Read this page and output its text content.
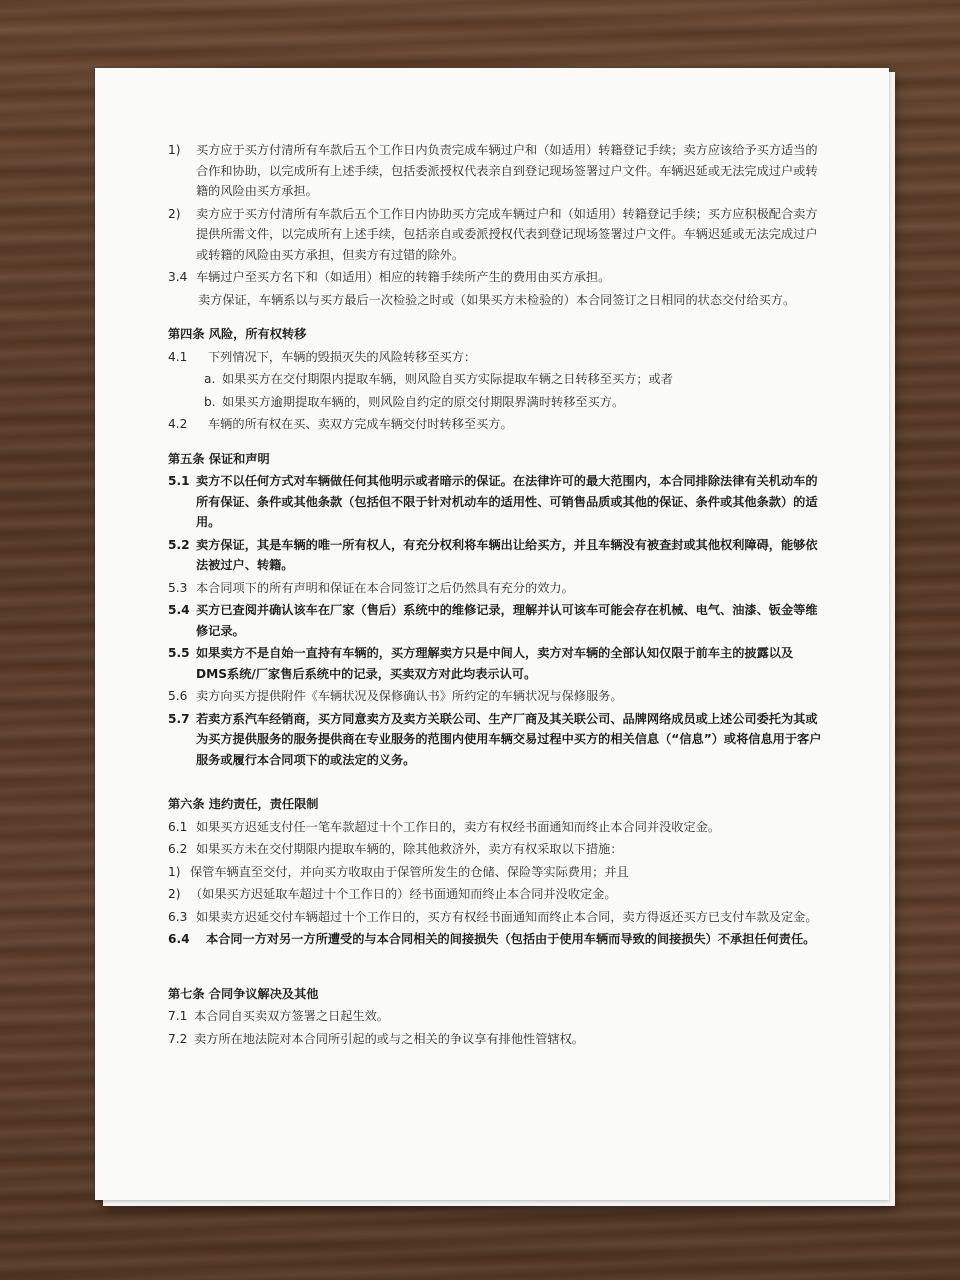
1)	买方应于买方付清所有车款后五个工作日内负责完成车辆过户和（如适用）转籍登记手续；卖方应该给予买方适当的合作和协助，以完成所有上述手续，包括委派授权代表亲自到登记现场签署过户文件。车辆迟延或无法完成过户或转籍的风险由买方承担。
2)	卖方应于买方付清所有车款后五个工作日内协助买方完成车辆过户和（如适用）转籍登记手续；买方应积极配合卖方提供所需文件，以完成所有上述手续，包括亲自或委派授权代表到登记现场签署过户文件。车辆迟延或无法完成过户或转籍的风险由买方承担，但卖方有过错的除外。
3.4 车辆过户至买方名下和（如适用）相应的转籍手续所产生的费用由买方承担。
卖方保证，车辆系以与买方最后一次检验之时或（如果买方未检验的）本合同签订之日相同的状态交付给买方。
第四条 风险，所有权转移
4.1	下列情况下，车辆的毁损灭失的风险转移至买方：
a. 如果买方在交付期限内提取车辆，则风险自买方实际提取车辆之日转移至买方；或者
b. 如果买方逾期提取车辆的，则风险自约定的原交付期限界满时转移至买方。
4.2	车辆的所有权在买、卖双方完成车辆交付时转移至买方。
第五条 保证和声明
5.1 卖方不以任何方式对车辆做任何其他明示或者暗示的保证。在法律许可的最大范围内，本合同排除法律有关机动车的所有保证、条件或其他条款（包括但不限于针对机动车的适用性、可销售品质或其他的保证、条件或其他条款）的适用。
5.2 卖方保证，其是车辆的唯一所有权人，有充分权利将车辆出让给买方，并且车辆没有被查封或其他权利障碍，能够依法被过户、转籍。
5.3 本合同项下的所有声明和保证在本合同签订之后仍然具有充分的效力。
5.4 买方已查阅并确认该车在厂家（售后）系统中的维修记录，理解并认可该车可能会存在机械、电气、油漆、钣金等维修记录。
5.5 如果卖方不是自始一直持有车辆的，买方理解卖方只是中间人，卖方对车辆的全部认知仅限于前车主的披露以及
DMS系统/厂家售后系统中的记录，买卖双方对此均表示认可。
5.6 卖方向买方提供附件《车辆状况及保修确认书》所约定的车辆状况与保修服务。
5.7 若卖方系汽车经销商，买方同意卖方及卖方关联公司、生产厂商及其关联公司、品牌网络成员或上述公司委托为其或为买方提供服务的服务提供商在专业服务的范围内使用车辆交易过程中买方的相关信息（“信息”）或将信息用于客户服务或履行本合同项下的或法定的义务。
第六条 违约责任，责任限制
6.1 如果买方迟延支付任一笔车款超过十个工作日的，卖方有权经书面通知而终止本合同并没收定金。
6.2 如果买方未在交付期限内提取车辆的，除其他救济外，卖方有权采取以下措施：
1) 保管车辆直至交付，并向买方收取由于保管所发生的仓储、保险等实际费用；并且
2) （如果买方迟延取车超过十个工作日的）经书面通知而终止本合同并没收定金。
6.3 如果卖方迟延交付车辆超过十个工作日的，买方有权经书面通知而终止本合同，卖方得返还买方已支付车款及定金。
6.4	本合同一方对另一方所遭受的与本合同相关的间接损失（包括由于使用车辆而导致的间接损失）不承担任何责任。
第七条 合同争议解决及其他
7.1 本合同自买卖双方签署之日起生效。
7.2 卖方所在地法院对本合同所引起的或与之相关的争议享有排他性管辖权。
